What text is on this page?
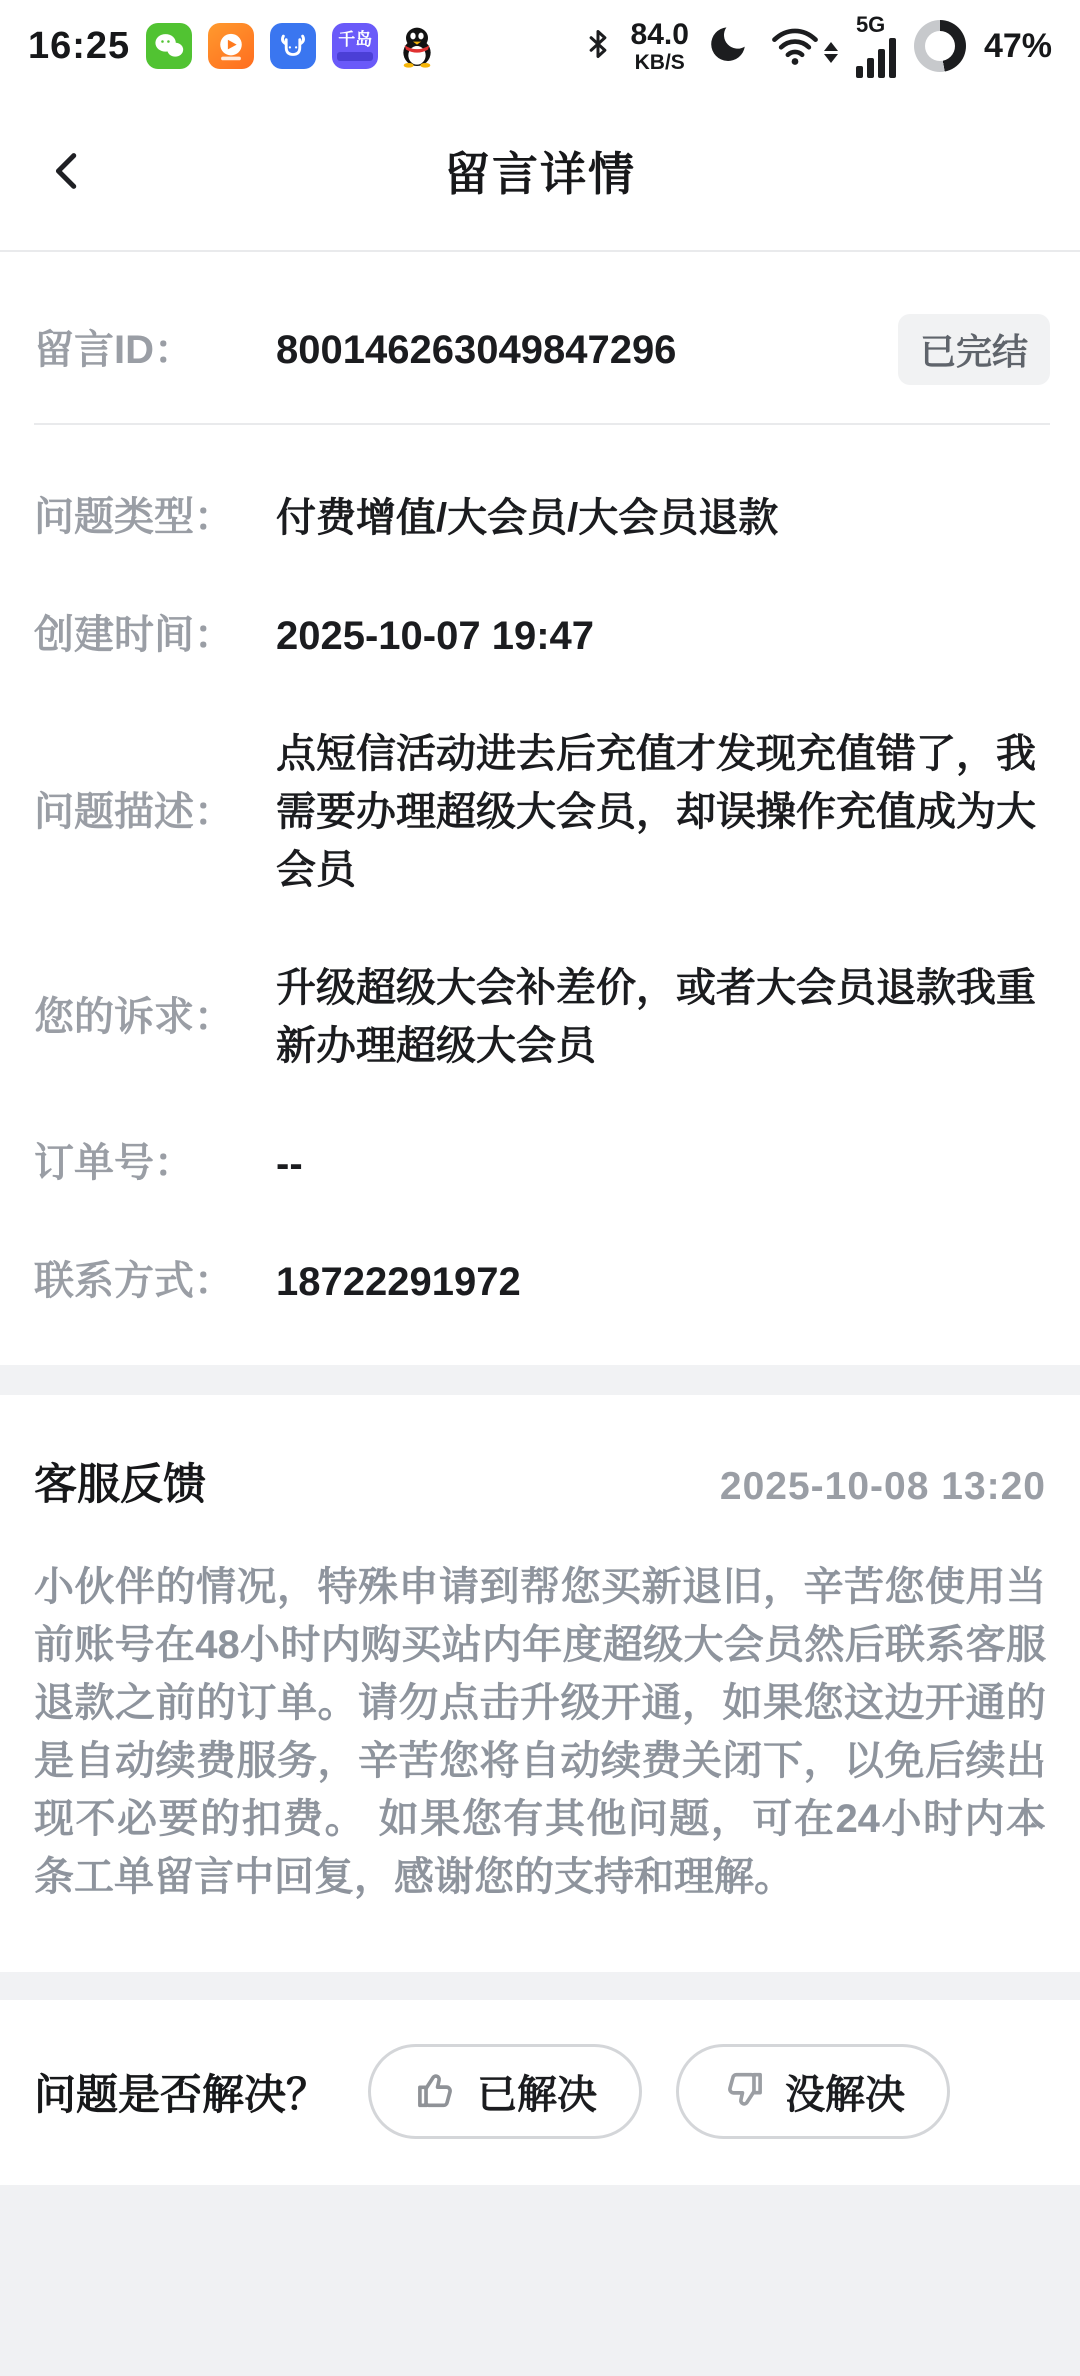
16:25	千岛	84.0
KB/S
5G
47%
留言详情
留言ID：	800146263049847296	已完结
问题类型：	付费增值/大会员/大会员退款
创建时间：	2025-10-07 19:47
问题描述：
点短信活动进去后充值才发现充值错了，我需要办理超级大会员，却误操作充值成为大会员
您的诉求：
升级超级大会补差价，或者大会员退款我重新办理超级大会员
订单号：	--
联系方式：	18722291972
客服反馈	2025-10-08 13:20
小伙伴的情况，特殊申请到帮您买新退旧，辛苦您使用当前账号在48小时内购买站内年度超级大会员然后联系客服退款之前的订单。请勿点击升级开通，如果您这边开通的是自动续费服务，辛苦您将自动续费关闭下，以免后续出现不必要的扣费。 如果您有其他问题，可在24小时内本条工单留言中回复，感谢您的支持和理解。
问题是否解决？	已解决	没解决
